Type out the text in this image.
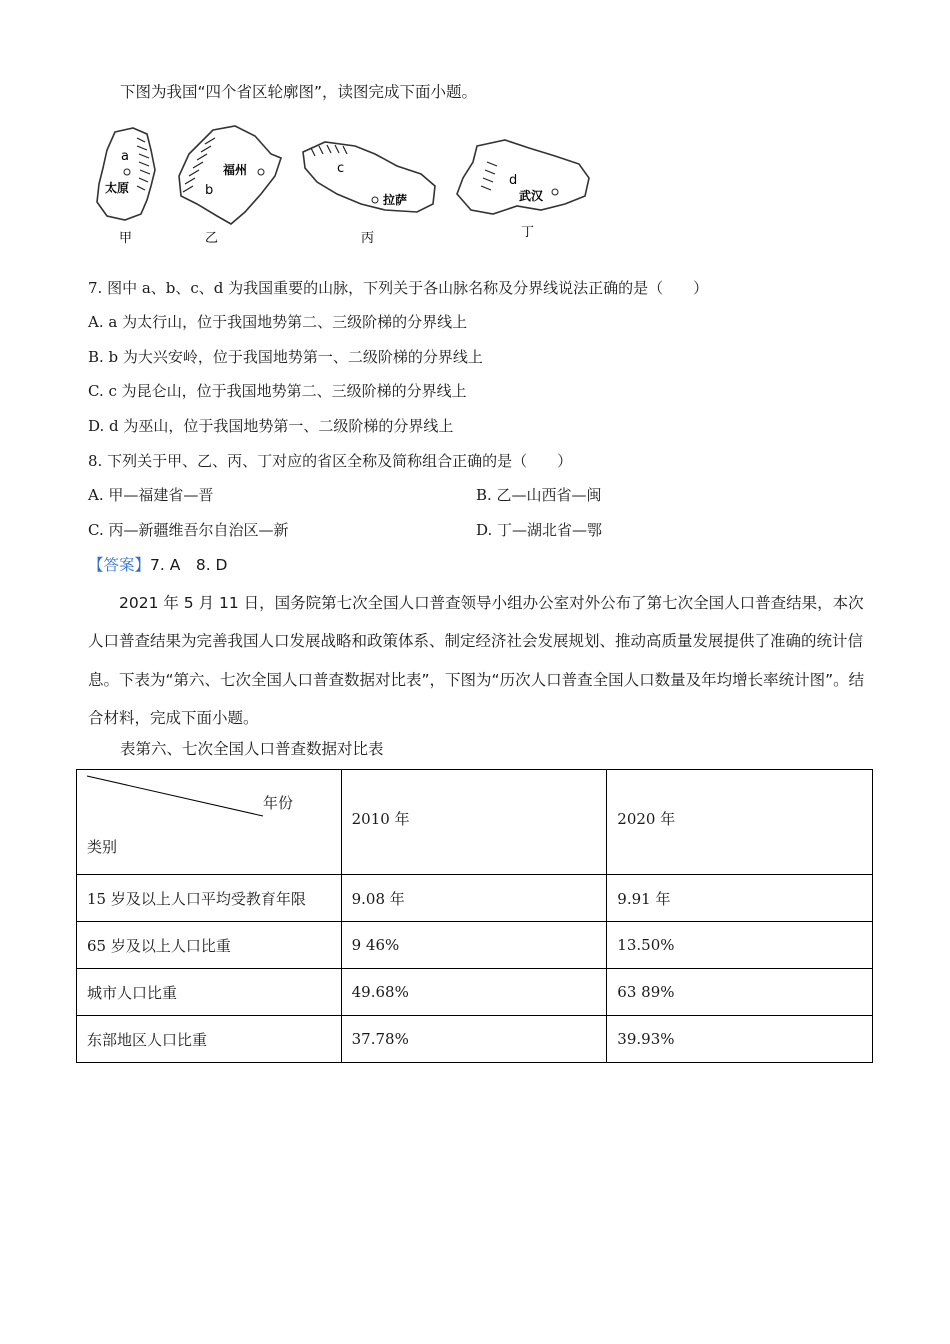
下图为我国“四个省区轮廓图”，读图完成下面小题。
a
太原
甲
福州
b
乙
c
拉萨
丙
d
武汉
丁
7. 图中 a、b、c、d 为我国重要的山脉，下列关于各山脉名称及分界线说法正确的是（　　）
A. a 为太行山，位于我国地势第二、三级阶梯的分界线上
B. b 为大兴安岭，位于我国地势第一、二级阶梯的分界线上
C. c 为昆仑山，位于我国地势第二、三级阶梯的分界线上
D. d 为巫山，位于我国地势第一、二级阶梯的分界线上
8. 下列关于甲、乙、丙、丁对应的省区全称及简称组合正确的是（　　）
A. 甲—福建省—晋	B. 乙—山西省—闽
C. 丙—新疆维吾尔自治区—新	D. 丁—湖北省—鄂
【答案】7. A　8. D
2021 年 5 月 11 日，国务院第七次全国人口普查领导小组办公室对外公布了第七次全国人口普查结果，本次人口普查结果为完善我国人口发展战略和政策体系、制定经济社会发展规划、推动高质量发展提供了准确的统计信息。下表为“第六、七次全国人口普查数据对比表”，下图为“历次人口普查全国人口数量及年均增长率统计图”。结合材料，完成下面小题。
表第六、七次全国人口普查数据对比表
年份
类别	2010 年	2020 年
15 岁及以上人口平均受教育年限	9.08 年	9.91 年
65 岁及以上人口比重	9 46%	13.50%
城市人口比重	49.68%	63 89%
东部地区人口比重	37.78%	39.93%
